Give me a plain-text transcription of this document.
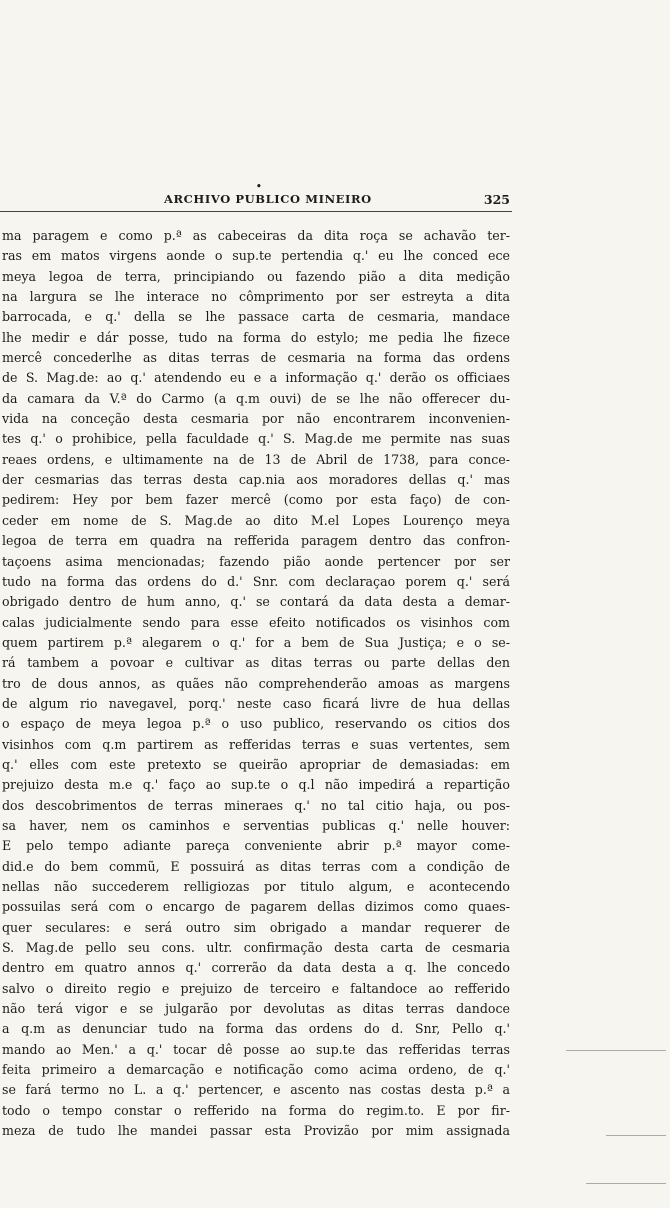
•
ARCHIVO PUBLICO MINEIRO	325
ma paragem e como p.ª as cabeceiras da dita roça se achavão ter-
ras em matos virgens aonde o sup.te pertendia q.' eu lhe conced ece
meya legoa de terra, principiando ou fazendo pião a dita medição
na largura se lhe interace no cômprimento por ser estreyta a dita
barrocada, e q.' della se lhe passace carta de cesmaria, mandace
lhe medir e dár posse, tudo na forma do estylo; me pedia lhe fizece
mercê concederlhe as ditas terras de cesmaria na forma das ordens
de S. Mag.de: ao q.' atendendo eu e a informação q.' derão os officiaes
da camara da V.ª do Carmo (a q.m ouvi) de se lhe não offerecer du-
vida na conceção desta cesmaria por não encontrarem inconvenien-
tes q.' o prohibice, pella faculdade q.' S. Mag.de me permite nas suas
reaes ordens, e ultimamente na de 13 de Abril de 1738, para conce-
der cesmarias das terras desta cap.nia aos moradores dellas q.' mas
pedirem: Hey por bem fazer mercê (como por esta faço) de con-
ceder em nome de S. Mag.de ao dito M.el Lopes Lourenço meya
legoa de terra em quadra na refferida paragem dentro das confron-
taçoens asima mencionadas; fazendo pião aonde pertencer por ser
tudo na forma das ordens do d.' Snr. com declaraçao porem q.' será
obrigado dentro de hum anno, q.' se contará da data desta a demar-
calas judicialmente sendo para esse efeito notificados os visinhos com
quem partirem p.ª alegarem o q.' for a bem de Sua Justiça; e o se-
rá tambem a povoar e cultivar as ditas terras ou parte dellas den
tro de dous annos, as quães não comprehenderão amoas as margens
de algum rio navegavel, porq.' neste caso ficará livre de hua dellas
o espaço de meya legoa p.ª o uso publico, reservando os citios dos
visinhos com q.m partirem as refferidas terras e suas vertentes, sem
q.' elles com este pretexto se queirão apropriar de demasiadas: em
prejuizo desta m.e q.' faço ao sup.te o q.l não impedirá a repartição
dos descobrimentos de terras mineraes q.' no tal citio haja, ou pos-
sa haver, nem os caminhos e serventias publicas q.' nelle houver:
E pelo tempo adiante pareça conveniente abrir p.ª mayor come-
did.e do bem commũ, E possuirá as ditas terras com a condição de
nellas não succederem relligiozas por titulo algum, e acontecendo
possuilas será com o encargo de pagarem dellas dizimos como quaes-
quer seculares: e será outro sim obrigado a mandar requerer de
S. Mag.de pello seu cons. ultr. confirmação desta carta de cesmaria
dentro em quatro annos q.' correrão da data desta a q. lhe concedo
salvo o direito regio e prejuizo de terceiro e faltandoce ao refferido
não terá vigor e se julgarão por devolutas as ditas terras dandoce
a q.m as denunciar tudo na forma das ordens do d. Snr, Pello q.'
mando ao Men.' a q.' tocar dê posse ao sup.te das refferidas terras
feita primeiro a demarcação e notificação como acima ordeno, de q.'
se fará termo no L. a q.' pertencer, e ascento nas costas desta p.ª a
todo o tempo constar o refferido na forma do regim.to. E por fir-
meza de tudo lhe mandei passar esta Provizão por mim assignada
